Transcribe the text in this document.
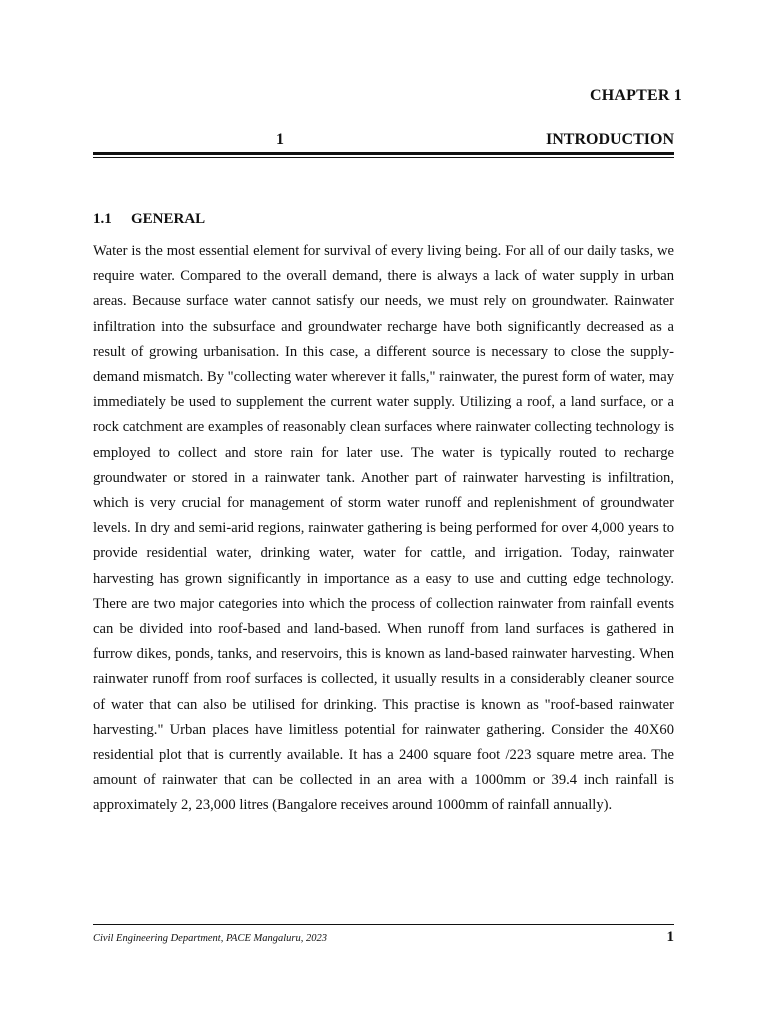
CHAPTER 1
1	INTRODUCTION
1.1 GENERAL

Water is the most essential element for survival of every living being. For all of our daily tasks, we require water. Compared to the overall demand, there is always a lack of water supply in urban areas. Because surface water cannot satisfy our needs, we must rely on groundwater. Rainwater infiltration into the subsurface and groundwater recharge have both significantly decreased as a result of growing urbanisation. In this case, a different source is necessary to close the supply-demand mismatch. By "collecting water wherever it falls," rainwater, the purest form of water, may immediately be used to supplement the current water supply. Utilizing a roof, a land surface, or a rock catchment are examples of reasonably clean surfaces where rainwater collecting technology is employed to collect and store rain for later use. The water is typically routed to recharge groundwater or stored in a rainwater tank. Another part of rainwater harvesting is infiltration, which is very crucial for management of storm water runoff and replenishment of groundwater levels. In dry and semi-arid regions, rainwater gathering is being performed for over 4,000 years to provide residential water, drinking water, water for cattle, and irrigation. Today, rainwater harvesting has grown significantly in importance as a easy to use and cutting edge technology. There are two major categories into which the process of collection rainwater from rainfall events can be divided into roof-based and land-based. When runoff from land surfaces is gathered in furrow dikes, ponds, tanks, and reservoirs, this is known as land-based rainwater harvesting. When rainwater runoff from roof surfaces is collected, it usually results in a considerably cleaner source of water that can also be utilised for drinking. This practise is known as "roof-based rainwater harvesting." Urban places have limitless potential for rainwater gathering. Consider the 40X60 residential plot that is currently available. It has a 2400 square foot /223 square metre area. The amount of rainwater that can be collected in an area with a 1000mm or 39.4 inch rainfall is approximately 2, 23,000 litres (Bangalore receives around 1000mm of rainfall annually).

Civil Engineering Department, PACE Mangaluru, 2023	1
